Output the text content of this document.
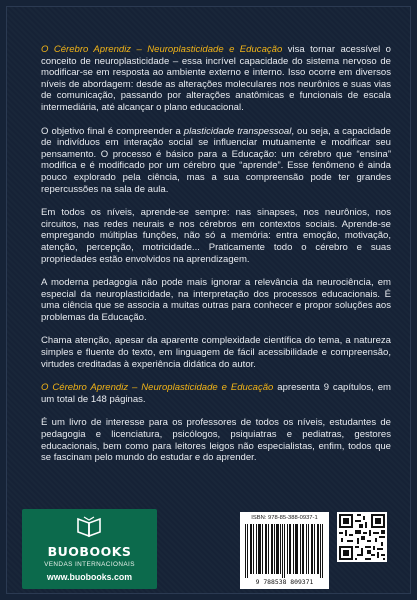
O Cérebro Aprendiz – Neuroplasticidade e Educação visa tornar acessível o conceito de neuroplasticidade – essa incrível capacidade do sistema nervoso de modificar-se em resposta ao ambiente externo e interno. Isso ocorre em diversos níveis de abordagem: desde as alterações moleculares nos neurônios e suas vias de comunicação, passando por alterações anatômicas e funcionais de escala intermediária, até alcançar o plano educacional.

O objetivo final é compreender a plasticidade transpessoal, ou seja, a capacidade de indivíduos em interação social se influenciar mutuamente e modificar seu pensamento. O processo é básico para a Educação: um cérebro que “ensina” modifica e é modificado por um cérebro que “aprende”. Esse fenômeno é ainda pouco explorado pela ciência, mas a sua compreensão pode ter grandes repercussões na sala de aula.

Em todos os níveis, aprende-se sempre: nas sinapses, nos neurônios, nos circuitos, nas redes neurais e nos cérebros em contextos sociais. Aprende-se empregando múltiplas funções, não só a memória: entra emoção, motivação, atenção, percepção, motricidade... Praticamente todo o cérebro e suas propriedades estão envolvidos na aprendizagem.

A moderna pedagogia não pode mais ignorar a relevância da neurociência, em especial da neuroplasticidade, na interpretação dos processos educacionais. É uma ciência que se associa a muitas outras para conhecer e propor soluções aos problemas da Educação.

Chama atenção, apesar da aparente complexidade científica do tema, a natureza simples e fluente do texto, em linguagem de fácil acessibilidade e compreensão, virtudes creditadas à experiência didática do autor.

O Cérebro Aprendiz – Neuroplasticidade e Educação apresenta 9 capítulos, em um total de 148 páginas.

É um livro de interesse para os professores de todos os níveis, estudantes de pedagogia e licenciatura, psicólogos, psiquiatras e pediatras, gestores educacionais, bem como para leitores leigos não especialistas, enfim, todos que se fascinam pelo mundo do estudar e do aprender.

BUOBOOKS
VENDAS INTERNACIONAIS
www.buobooks.com
ISBN: 978-85-388-0937-1
9 788538 809371
